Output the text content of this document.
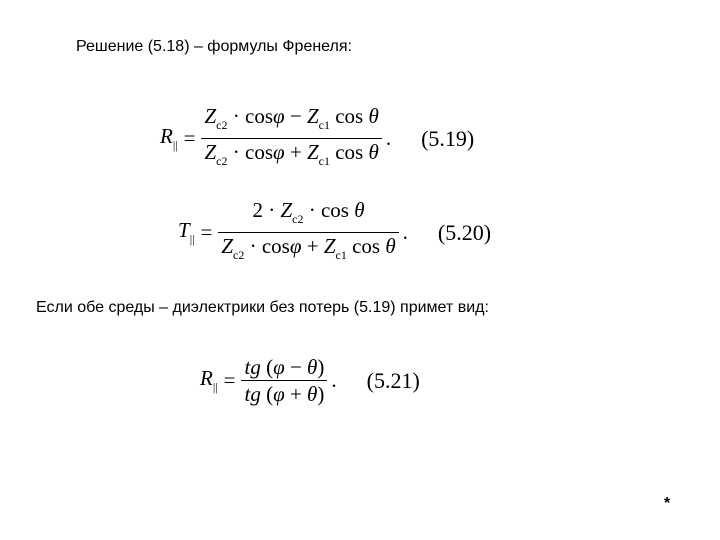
Решение (5.18) – формулы Френеля:
$R_{||} = \frac{Z_{c2} \cdot \cos\varphi - Z_{c1} \cos \theta}{Z_{c2} \cdot \cos\varphi + Z_{c1} \cos \theta}$ . (5.19)
$T_{||} = \frac{2 \cdot Z_{c2} \cdot \cos \theta}{Z_{c2} \cdot \cos\varphi + Z_{c1} \cos \theta}$ . (5.20)
Если обе среды – диэлектрики без потерь (5.19) примет вид:
$R_{||} = \frac{tg (\varphi - \theta)}{tg (\varphi + \theta)}$ . (5.21)
*
